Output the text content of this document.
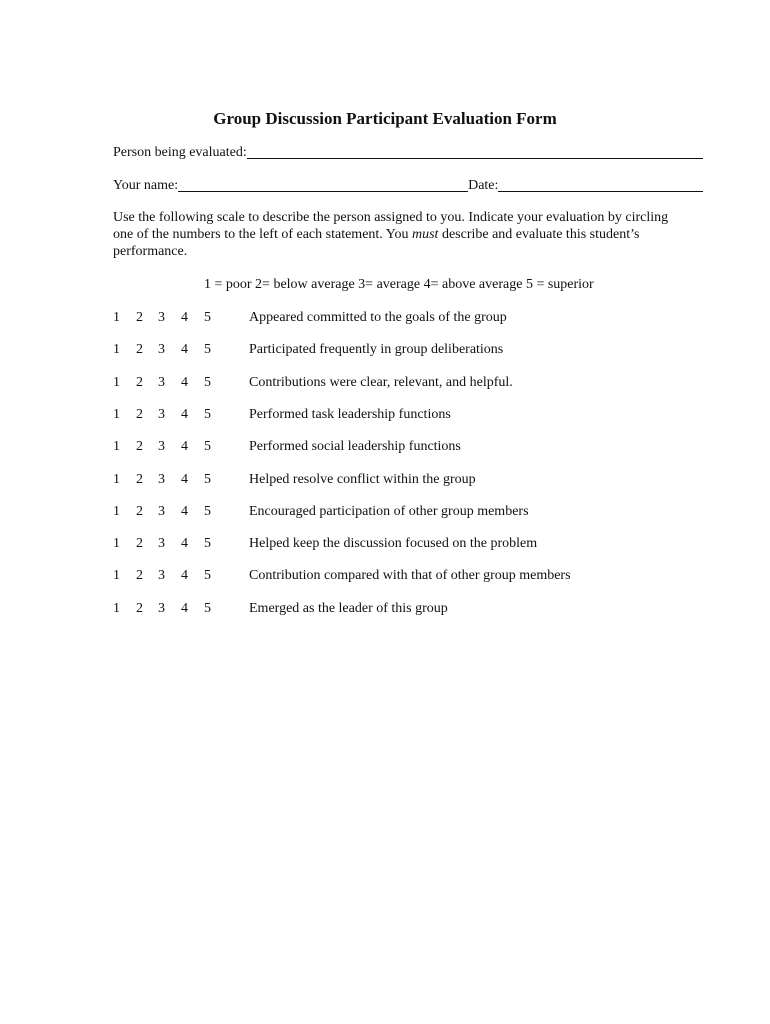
Group Discussion Participant Evaluation Form
Person being evaluated:
Your name:	Date:
Use the following scale to describe the person assigned to you. Indicate your evaluation by circling one of the numbers to the left of each statement. You must describe and evaluate this student’s performance.
1 = poor 2= below average 3= average 4= above average 5 = superior
1	2	3	4	5	Appeared committed to the goals of the group
1	2	3	4	5	Participated frequently in group deliberations
1	2	3	4	5	Contributions were clear, relevant, and helpful.
1	2	3	4	5	Performed task leadership functions
1	2	3	4	5	Performed social leadership functions
1	2	3	4	5	Helped resolve conflict within the group
1	2	3	4	5	Encouraged participation of other group members
1	2	3	4	5	Helped keep the discussion focused on the problem
1	2	3	4	5	Contribution compared with that of other group members
1	2	3	4	5	Emerged as the leader of this group
